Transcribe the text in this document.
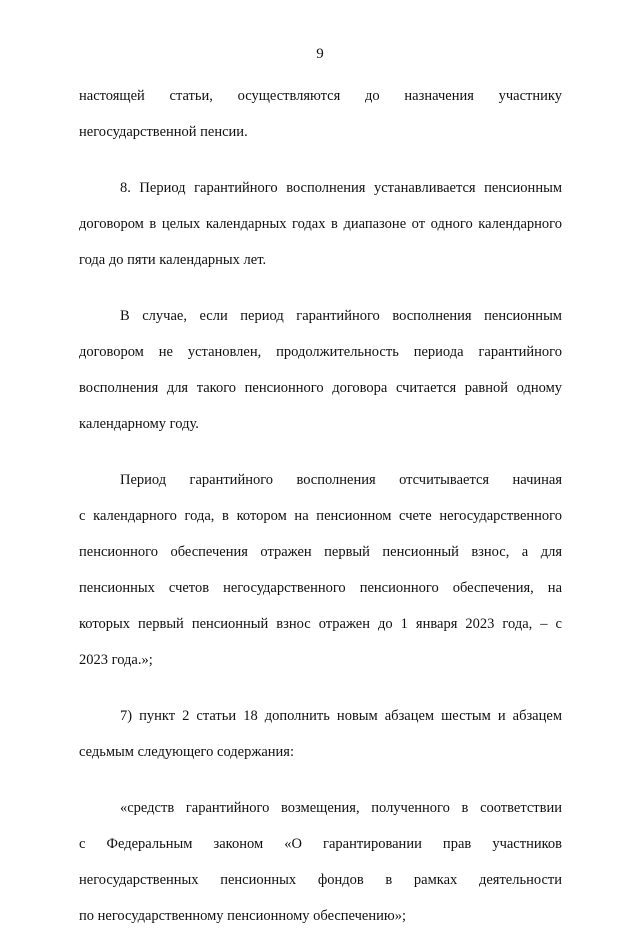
9
настоящей статьи, осуществляются до назначения участнику
негосударственной пенсии.
8. Период гарантийного восполнения устанавливается пенсионным
договором в целых календарных годах в диапазоне от одного календарного
года до пяти календарных лет.
В случае, если период гарантийного восполнения пенсионным
договором не установлен, продолжительность периода гарантийного
восполнения для такого пенсионного договора считается равной одному
календарному году.
Период гарантийного восполнения отсчитывается начиная
с календарного года, в котором на пенсионном счете негосударственного
пенсионного обеспечения отражен первый пенсионный взнос, а для
пенсионных счетов негосударственного пенсионного обеспечения, на
которых первый пенсионный взнос отражен до 1 января 2023 года, – с
2023 года.»;
7) пункт 2 статьи 18 дополнить новым абзацем шестым и абзацем
седьмым следующего содержания:
«средств гарантийного возмещения, полученного в соответствии
с Федеральным законом «О гарантировании прав участников
негосударственных пенсионных фондов в рамках деятельности
по негосударственному пенсионному обеспечению»;
